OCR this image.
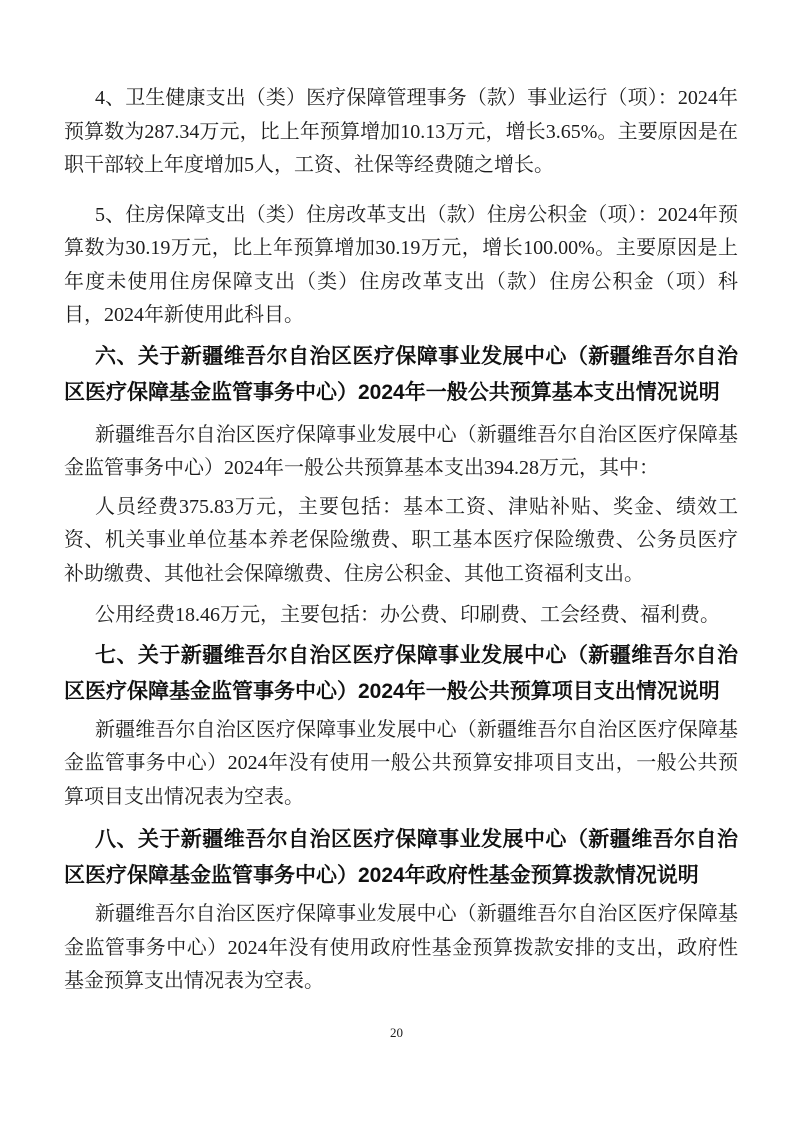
4、卫生健康支出（类）医疗保障管理事务（款）事业运行（项）：2024年预算数为287.34万元，比上年预算增加10.13万元，增长3.65%。主要原因是在职干部较上年度增加5人，工资、社保等经费随之增长。

5、住房保障支出（类）住房改革支出（款）住房公积金（项）：2024年预算数为30.19万元，比上年预算增加30.19万元，增长100.00%。主要原因是上年度未使用住房保障支出（类）住房改革支出（款）住房公积金（项）科目，2024年新使用此科目。

六、关于新疆维吾尔自治区医疗保障事业发展中心（新疆维吾尔自治区医疗保障基金监管事务中心）2024年一般公共预算基本支出情况说明

新疆维吾尔自治区医疗保障事业发展中心（新疆维吾尔自治区医疗保障基金监管事务中心）2024年一般公共预算基本支出394.28万元，其中：

人员经费375.83万元，主要包括：基本工资、津贴补贴、奖金、绩效工资、机关事业单位基本养老保险缴费、职工基本医疗保险缴费、公务员医疗补助缴费、其他社会保障缴费、住房公积金、其他工资福利支出。

公用经费18.46万元，主要包括：办公费、印刷费、工会经费、福利费。

七、关于新疆维吾尔自治区医疗保障事业发展中心（新疆维吾尔自治区医疗保障基金监管事务中心）2024年一般公共预算项目支出情况说明

新疆维吾尔自治区医疗保障事业发展中心（新疆维吾尔自治区医疗保障基金监管事务中心）2024年没有使用一般公共预算安排项目支出，一般公共预算项目支出情况表为空表。

八、关于新疆维吾尔自治区医疗保障事业发展中心（新疆维吾尔自治区医疗保障基金监管事务中心）2024年政府性基金预算拨款情况说明

新疆维吾尔自治区医疗保障事业发展中心（新疆维吾尔自治区医疗保障基金监管事务中心）2024年没有使用政府性基金预算拨款安排的支出，政府性基金预算支出情况表为空表。

20
